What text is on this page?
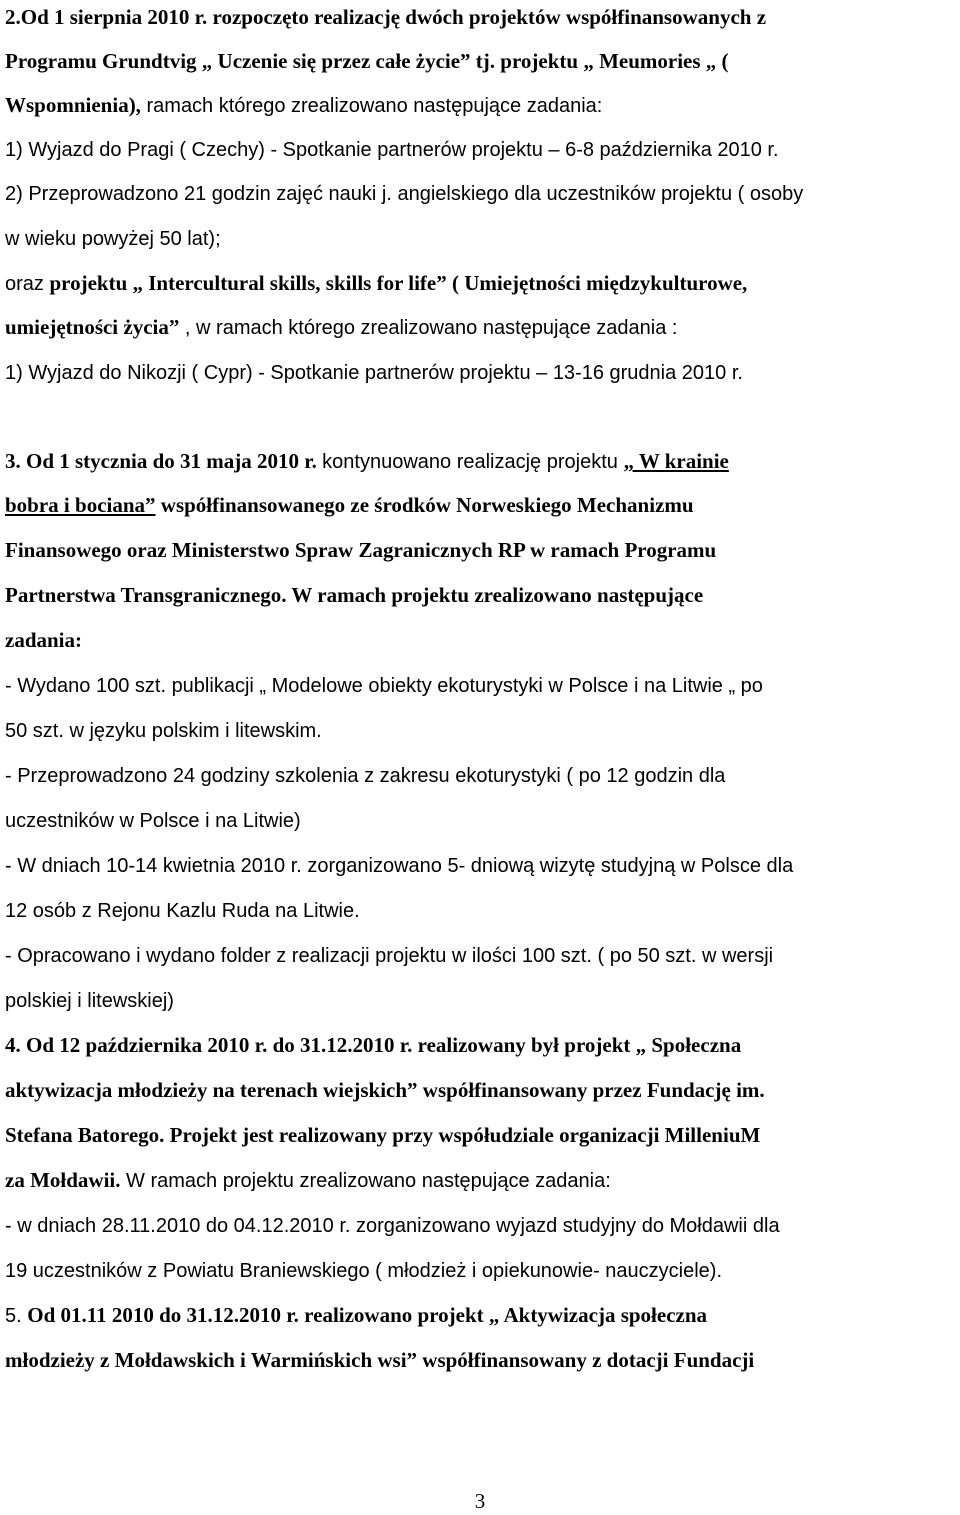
3
2.Od 1 sierpnia 2010 r. rozpoczęto realizację dwóch projektów współfinansowanych z
Programu Grundtvig „ Uczenie się przez całe życie” tj. projektu „ Meumories „ (
Wspomnienia), ramach którego zrealizowano następujące zadania:
1) Wyjazd do Pragi ( Czechy) - Spotkanie partnerów projektu – 6-8 października 2010 r.
2) Przeprowadzono 21 godzin zajęć nauki j. angielskiego dla uczestników projektu ( osoby
w wieku powyżej 50 lat);
oraz projektu „ Intercultural skills, skills for life” ( Umiejętności międzykulturowe,
umiejętności życia” , w ramach którego zrealizowano następujące zadania :
1) Wyjazd do Nikozji ( Cypr) - Spotkanie partnerów projektu – 13-16 grudnia 2010 r.
3. Od 1 stycznia do 31 maja 2010 r. kontynuowano realizację projektu „ W krainie
bobra i bociana” współfinansowanego ze środków Norweskiego Mechanizmu
Finansowego oraz Ministerstwo Spraw Zagranicznych RP w ramach Programu
Partnerstwa Transgranicznego. W ramach projektu zrealizowano następujące
zadania:
- Wydano 100 szt. publikacji „ Modelowe obiekty ekoturystyki w Polsce i na Litwie „ po
50 szt. w języku polskim i litewskim.
- Przeprowadzono 24 godziny szkolenia z zakresu ekoturystyki ( po 12 godzin dla
uczestników w Polsce i na Litwie)
- W dniach 10-14 kwietnia 2010 r. zorganizowano 5- dniową wizytę studyjną w Polsce dla
12 osób z Rejonu Kazlu Ruda na Litwie.
- Opracowano i wydano folder z realizacji projektu w ilości 100 szt. ( po 50 szt. w wersji
polskiej i litewskiej)
4. Od 12 października 2010 r. do 31.12.2010 r. realizowany był projekt „ Społeczna
aktywizacja młodzieży na terenach wiejskich” współfinansowany przez Fundację im.
Stefana Batorego. Projekt jest realizowany przy współudziale organizacji MilleniuM
za Mołdawii. W ramach projektu zrealizowano następujące zadania:
- w dniach 28.11.2010 do 04.12.2010 r. zorganizowano wyjazd studyjny do Mołdawii dla
19 uczestników z Powiatu Braniewskiego ( młodzież i opiekunowie- nauczyciele).
5. Od 01.11 2010 do 31.12.2010 r. realizowano projekt „ Aktywizacja społeczna
młodzieży z Mołdawskich i Warmińskich wsi” współfinansowany z dotacji Fundacji
